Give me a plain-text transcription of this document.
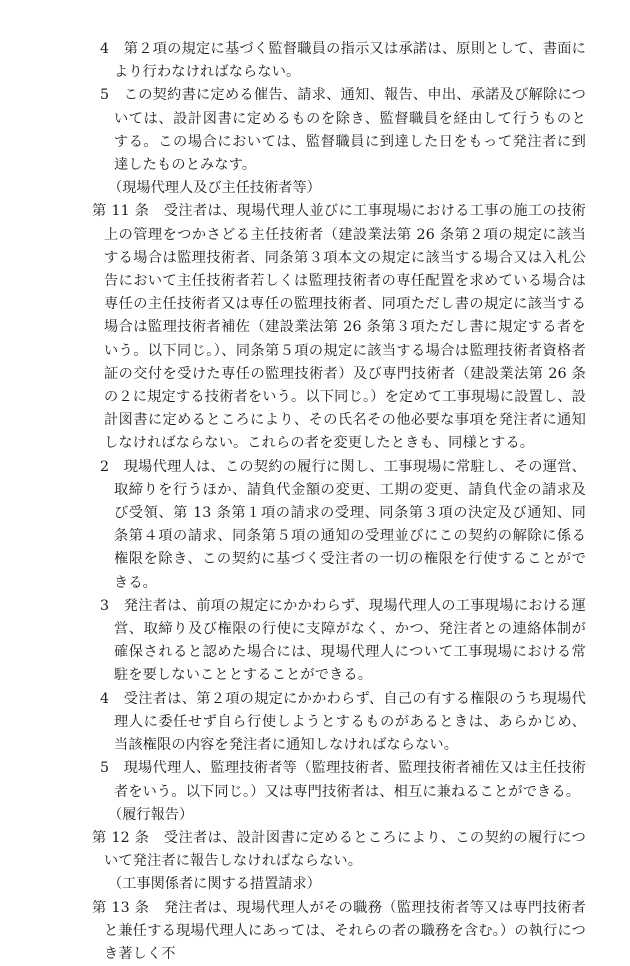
4　第２項の規定に基づく監督職員の指示又は承諾は、原則として、書面により行わなければならない。

5　この契約書に定める催告、請求、通知、報告、申出、承諾及び解除については、設計図書に定めるものを除き、監督職員を経由して行うものとする。この場合においては、監督職員に到達した日をもって発注者に到達したものとみなす。

（現場代理人及び主任技術者等）

第 11 条　受注者は、現場代理人並びに工事現場における工事の施工の技術上の管理をつかさどる主任技術者（建設業法第 26 条第２項の規定に該当する場合は監理技術者、同条第３項本文の規定に該当する場合又は入札公告において主任技術者若しくは監理技術者の専任配置を求めている場合は専任の主任技術者又は専任の監理技術者、同項ただし書の規定に該当する場合は監理技術者補佐（建設業法第 26 条第３項ただし書に規定する者をいう。以下同じ。）、同条第５項の規定に該当する場合は監理技術者資格者証の交付を受けた専任の監理技術者）及び専門技術者（建設業法第 26 条の２に規定する技術者をいう。以下同じ。）を定めて工事現場に設置し、設計図書に定めるところにより、その氏名その他必要な事項を発注者に通知しなければならない。これらの者を変更したときも、同様とする。

2　現場代理人は、この契約の履行に関し、工事現場に常駐し、その運営、取締りを行うほか、請負代金額の変更、工期の変更、請負代金の請求及び受領、第 13 条第１項の請求の受理、同条第３項の決定及び通知、同条第４項の請求、同条第５項の通知の受理並びにこの契約の解除に係る権限を除き、この契約に基づく受注者の一切の権限を行使することができる。

3　発注者は、前項の規定にかかわらず、現場代理人の工事現場における運営、取締り及び権限の行使に支障がなく、かつ、発注者との連絡体制が確保されると認めた場合には、現場代理人について工事現場における常駐を要しないこととすることができる。

4　受注者は、第２項の規定にかかわらず、自己の有する権限のうち現場代理人に委任せず自ら行使しようとするものがあるときは、あらかじめ、当該権限の内容を発注者に通知しなければならない。

5　現場代理人、監理技術者等（監理技術者、監理技術者補佐又は主任技術者をいう。以下同じ。）又は専門技術者は、相互に兼ねることができる。

（履行報告）

第 12 条　受注者は、設計図書に定めるところにより、この契約の履行について発注者に報告しなければならない。

（工事関係者に関する措置請求）

第 13 条　発注者は、現場代理人がその職務（監理技術者等又は専門技術者と兼任する現場代理人にあっては、それらの者の職務を含む。）の執行につき著しく不
